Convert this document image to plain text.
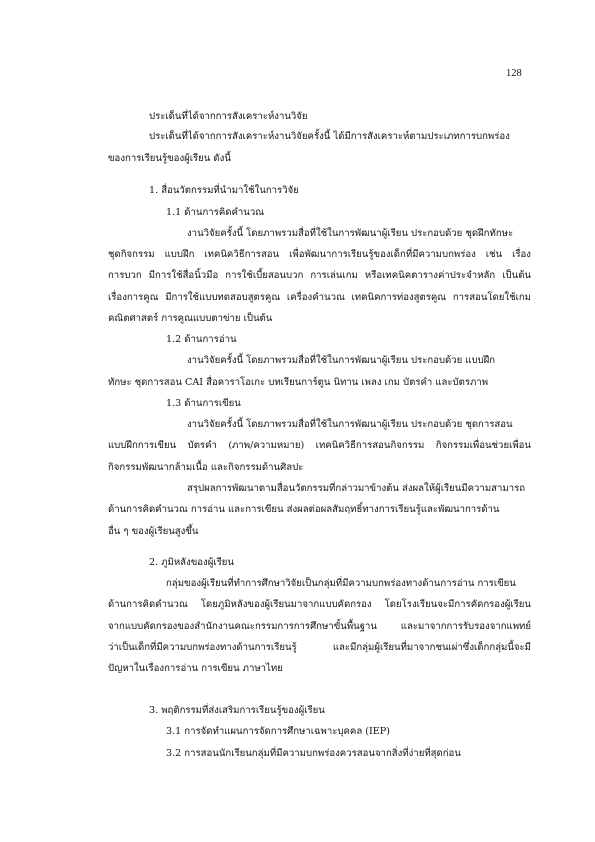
128
ประเด็นที่ได้จากการสังเคราะห์งานวิจัย
ประเด็นที่ได้จากการสังเคราะห์งานวิจัยครั้งนี้ ได้มีการสังเคราะห์ตามประเภทการบกพร่อง
ของการเรียนรู้ของผู้เรียน ดังนี้
1. สื่อนวัตกรรมที่นำมาใช้ในการวิจัย
1.1 ด้านการคิดคำนวณ
งานวิจัยครั้งนี้ โดยภาพรวมสื่อที่ใช้ในการพัฒนาผู้เรียน ประกอบด้วย ชุดฝึกทักษะ
ชุดกิจกรรม แบบฝึก เทคนิควิธีการสอน เพื่อพัฒนาการเรียนรู้ของเด็กที่มีความบกพร่อง เช่น เรื่อง
การบวก มีการใช้สื่อนิ้วมือ การใช้เบี้ยสอนบวก การเล่นเกม หรือเทคนิคตารางค่าประจำหลัก เป็นต้น
เรื่องการคูณ มีการใช้แบบทดสอบสูตรคูณ เครื่องคำนวณ เทคนิคการท่องสูตรคูณ การสอนโดยใช้เกม
คณิตศาสตร์ การคูณแบบตาข่าย เป็นต้น
1.2 ด้านการอ่าน
งานวิจัยครั้งนี้ โดยภาพรวมสื่อที่ใช้ในการพัฒนาผู้เรียน ประกอบด้วย แบบฝึก
ทักษะ ชุดการสอน CAI สื่อคาราโอเกะ บทเรียนการ์ตูน นิทาน เพลง เกม บัตรคำ และบัตรภาพ
1.3 ด้านการเขียน
งานวิจัยครั้งนี้ โดยภาพรวมสื่อที่ใช้ในการพัฒนาผู้เรียน ประกอบด้วย ชุดการสอน
แบบฝึกการเขียน บัตรคำ (ภาพ/ความหมาย) เทคนิควิธีการสอนกิจกรรม กิจกรรมเพื่อนช่วยเพื่อน
กิจกรรมพัฒนากล้ามเนื้อ และกิจกรรมด้านศิลปะ
สรุปผลการพัฒนาตามสื่อนวัตกรรมที่กล่าวมาข้างต้น ส่งผลให้ผู้เรียนมีความสามารถ
ด้านการคิดคำนวณ การอ่าน และการเขียน ส่งผลต่อผลสัมฤทธิ์ทางการเรียนรู้และพัฒนาการด้าน
อื่น ๆ ของผู้เรียนสูงขึ้น
2. ภูมิหลังของผู้เรียน
กลุ่มของผู้เรียนที่ทำการศึกษาวิจัยเป็นกลุ่มที่มีความบกพร่องทางด้านการอ่าน การเขียน
ด้านการคิดคำนวณ โดยภูมิหลังของผู้เรียนมาจากแบบคัดกรอง โดยโรงเรียนจะมีการคัดกรองผู้เรียน
จากแบบคัดกรองของสำนักงานคณะกรรมการการศึกษาขั้นพื้นฐาน และมาจากการรับรองจากแพทย์
ว่าเป็นเด็กที่มีความบกพร่องทางด้านการเรียนรู้ และมีกลุ่มผู้เรียนที่มาจากชนเผ่าซึ่งเด็กกลุ่มนี้จะมี
ปัญหาในเรื่องการอ่าน การเขียน ภาษาไทย
3. พฤติกรรมที่ส่งเสริมการเรียนรู้ของผู้เรียน
3.1 การจัดทำแผนการจัดการศึกษาเฉพาะบุคคล (IEP)
3.2 การสอนนักเรียนกลุ่มที่มีความบกพร่องควรสอนจากสิ่งที่ง่ายที่สุดก่อน
